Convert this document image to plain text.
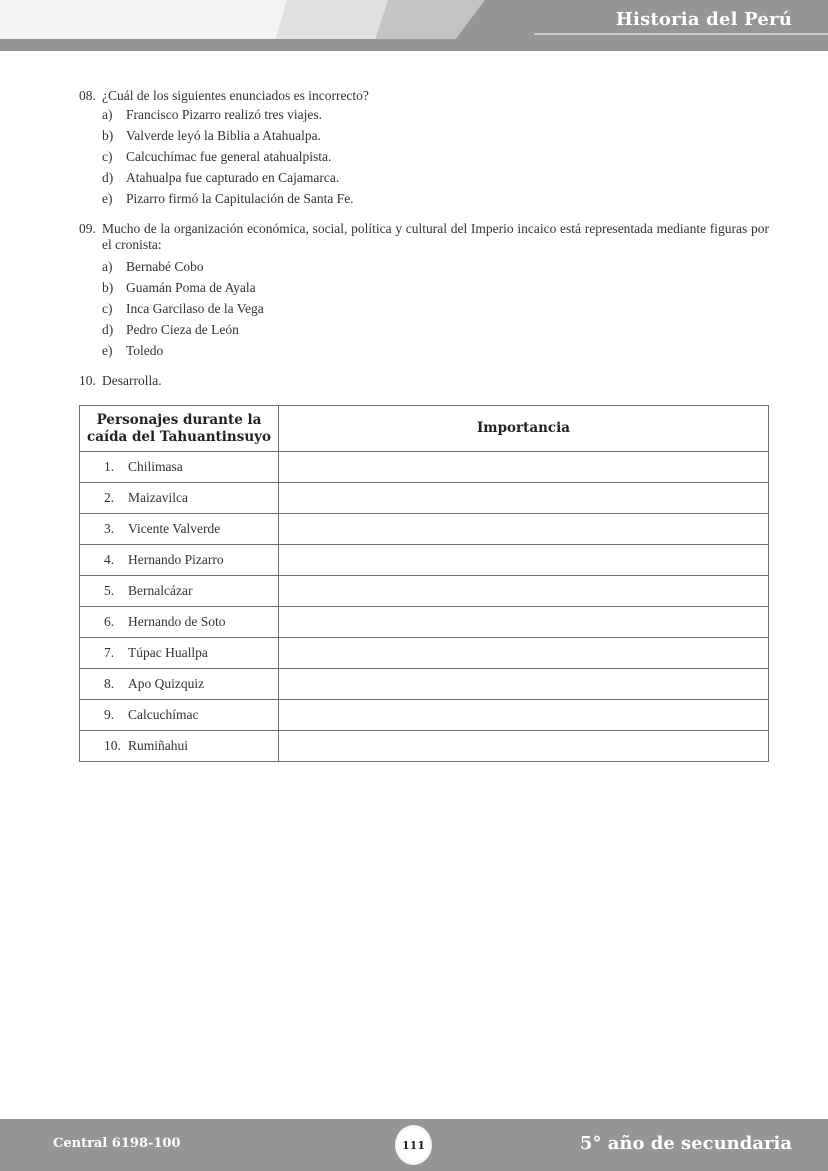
Historia del Perú
08. ¿Cuál de los siguientes enunciados es incorrecto?
a)	Francisco Pizarro realizó tres viajes.
b) Valverde leyó la Biblia a Atahualpa.
c)	Calcuchímac fue general atahualpista.
d) Atahualpa fue capturado en Cajamarca.
e)	Pizarro firmó la Capitulación de Santa Fe.
09. Mucho de la organización económica, social, política y cultural del Imperio incaico está representada mediante figuras por el cronista:
a)	Bernabé Cobo
b) Guamán Poma de Ayala
c)	Inca Garcilaso de la Vega
d) Pedro Cieza de León
e)	Toledo
10. Desarrolla.
Personajes durante la
caída del Tahuantinsuyo	Importancia
1. Chilimasa	
2. Maizavilca	
3. Vicente Valverde	
4. Hernando Pizarro	
5. Bernalcázar	
6. Hernando de Soto	
7. Túpac Huallpa	
8. Apo Quizquiz	
9. Calcuchímac	
10. Rumiñahui	
Central 6198-100	111	5° año de secundaria
